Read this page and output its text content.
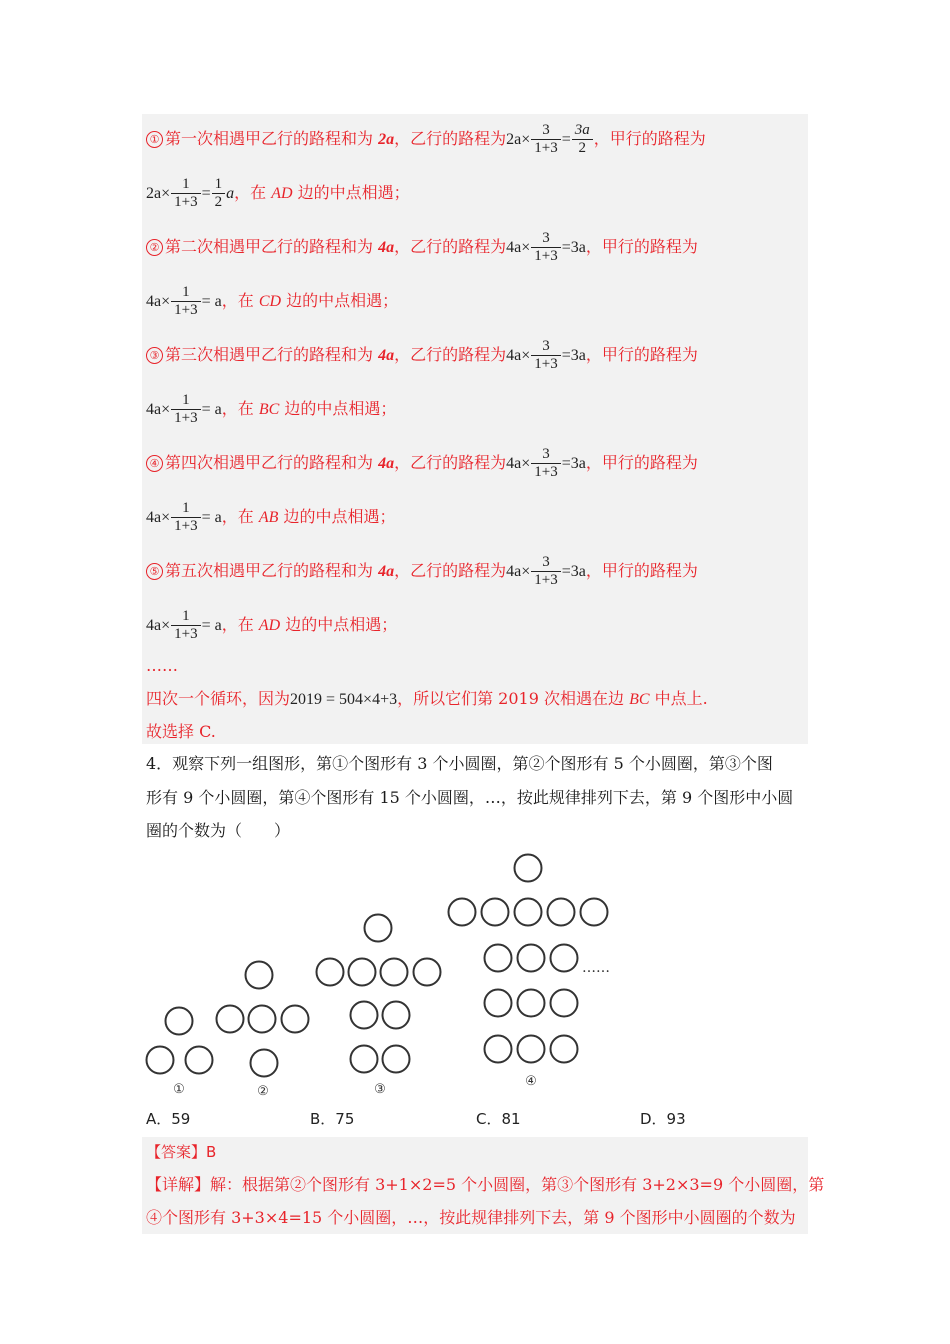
① 第一次相遇甲乙行的路程和为 2a，乙行的路程为$2a\times \frac{3}{1+3} = \frac{3a}{2}$ ，甲行的路程为
$2a\times \frac{1}{1+3} = \frac{1}{2}$ a，在 AD 边的中点相遇；
② 第二次相遇甲乙行的路程和为 4a，乙行的路程为$4a\times \frac{3}{1+3} =3a$，甲行的路程为
$4a\times \frac{1}{1+3} = a$，在 CD 边的中点相遇；
③ 第三次相遇甲乙行的路程和为 4a，乙行的路程为$4a\times \frac{3}{1+3} =3a$，甲行的路程为
$4a\times \frac{1}{1+3} = a$，在 BC 边的中点相遇；
④ 第四次相遇甲乙行的路程和为 4a，乙行的路程为$4a\times \frac{3}{1+3} =3a$，甲行的路程为
$4a\times \frac{1}{1+3} = a$，在 AB 边的中点相遇；
⑤ 第五次相遇甲乙行的路程和为 4a，乙行的路程为$4a\times \frac{3}{1+3} =3a$，甲行的路程为
$4a\times \frac{1}{1+3} = a$，在 AD 边的中点相遇；
……
四次一个循环，因为2019 = 504×4+3，所以它们第 2019 次相遇在边 BC 中点上.
故选择 C.
4．观察下列一组图形，第①个图形有 3 个小圆圈，第②个图形有 5 个小圆圈，第③个图
形有 9 个小圆圈，第④个图形有 15 个小圆圈，…，按此规律排列下去，第 9 个图形中小圆
圈的个数为（　　）
①	②	③
④
……
A．59	B．75	C．81	D．93
【答案】B
【详解】解：根据第②个图形有 3+1×2=5 个小圆圈，第③个图形有 3+2×3=9 个小圆圈，第
④个图形有 3+3×4=15 个小圆圈，…，按此规律排列下去，第 9 个图形中小圆圈的个数为
